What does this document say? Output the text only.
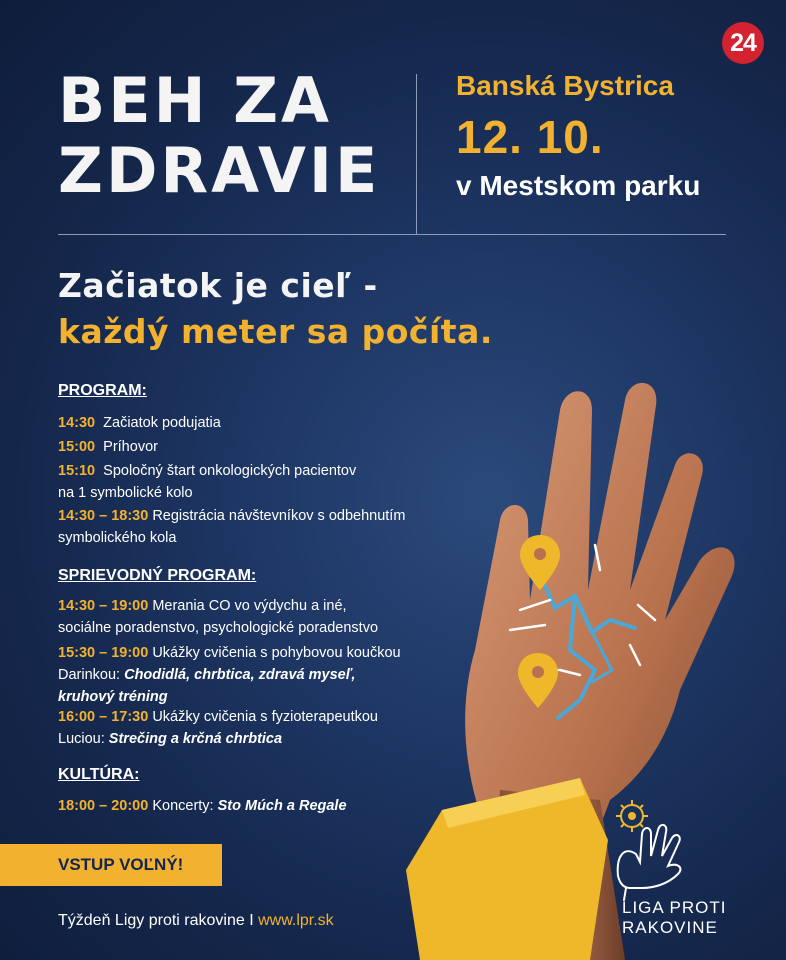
24
BEH ZA
ZDRAVIE
Banská Bystrica
12. 10.
v Mestskom parku
Začiatok je cieľ -
každý meter sa počíta.
PROGRAM:
14:30 Začiatok podujatia
15:00 Príhovor
15:10 Spoločný štart onkologických pacientov
na 1 symbolické kolo
14:30 – 18:30 Registrácia návštevníkov s odbehnutím
symbolického kola
SPRIEVODNÝ PROGRAM:
14:30 – 19:00 Merania CO vo výdychu a iné,
sociálne poradenstvo, psychologické poradenstvo
15:30 – 19:00 Ukážky cvičenia s pohybovou koučkou
Darinkou: Chodidlá, chrbtica, zdravá myseľ,
kruhový tréning
16:00 – 17:30 Ukážky cvičenia s fyzioterapeutkou
Luciou: Strečing a krčná chrbtica
KULTÚRA:
18:00 – 20:00 Koncerty: Sto Múch a Regale
VSTUP VOĽNÝ!
Týždeň Ligy proti rakovine I www.lpr.sk
LIGA PROTI
RAKOVINE
